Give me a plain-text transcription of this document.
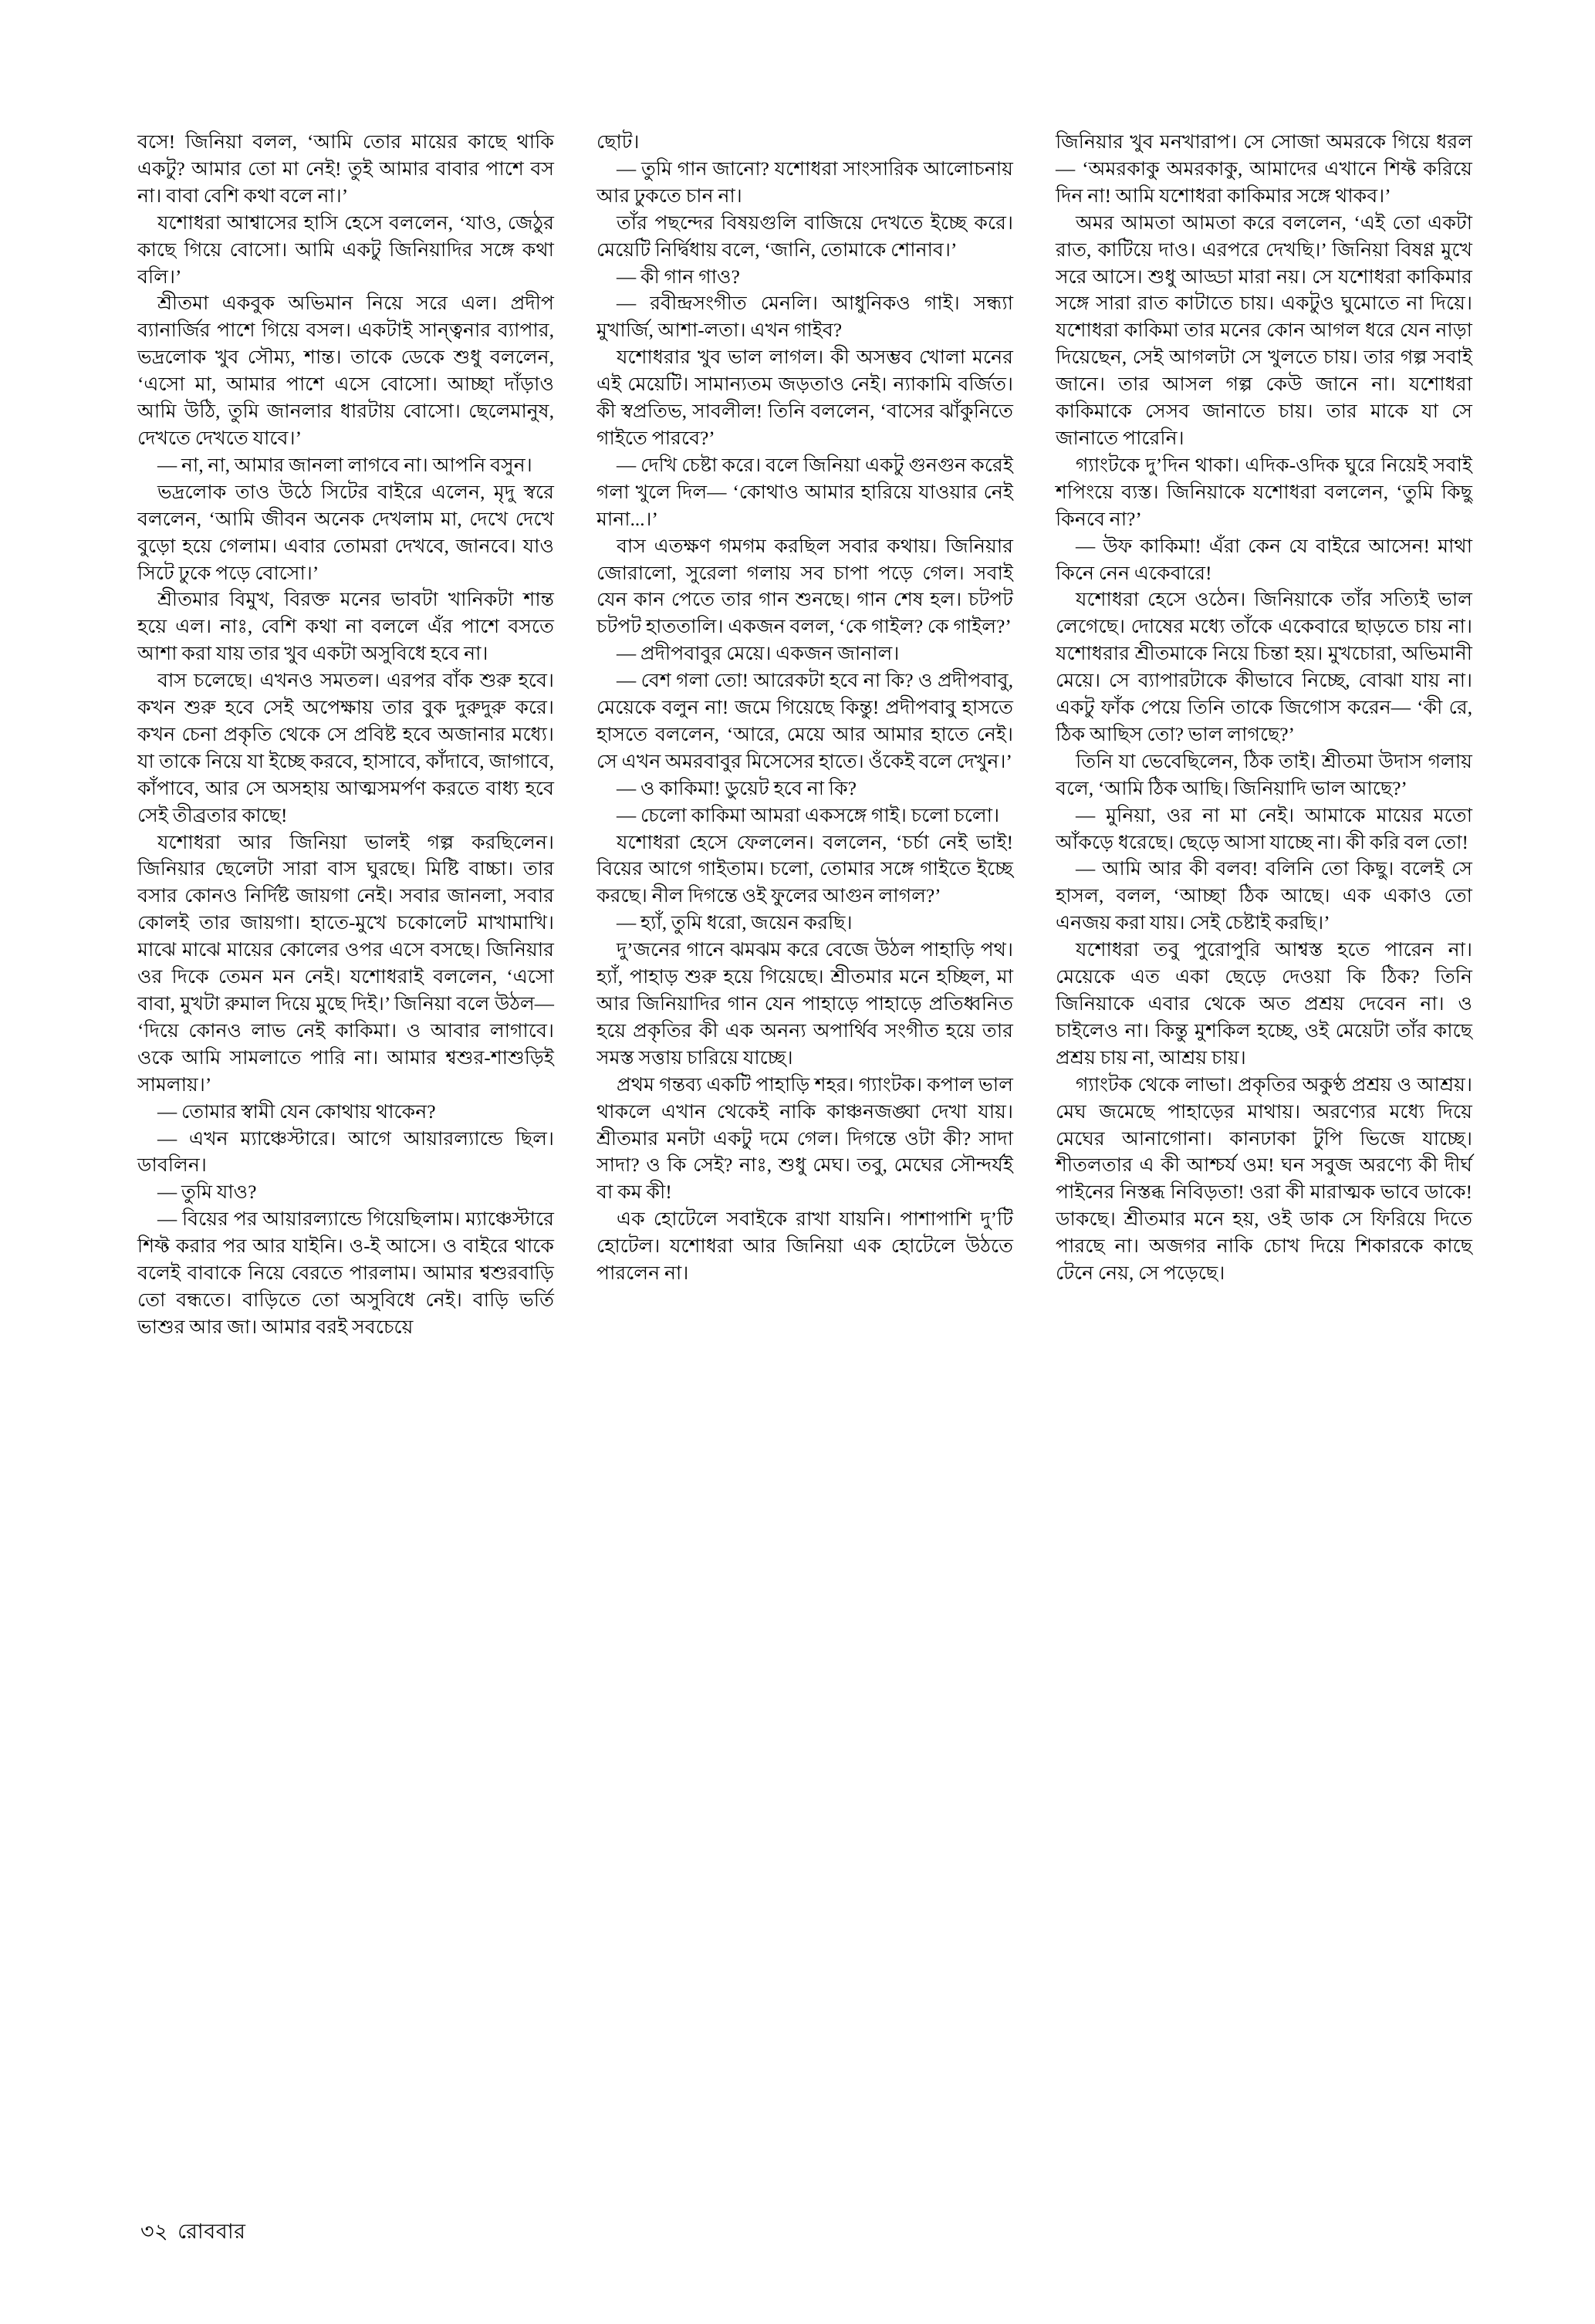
বসে! জিনিয়া বলল, ‘আমি তোর মায়ের কাছে থাকি একটু? আমার তো মা নেই! তুই আমার বাবার পাশে বস না। বাবা বেশি কথা বলে না।’

যশোধরা আশ্বাসের হাসি হেসে বললেন, ‘যাও, জেঠুর কাছে গিয়ে বোসো। আমি একটু জিনিয়াদির সঙ্গে কথা বলি।’

শ্রীতমা একবুক অভিমান নিয়ে সরে এল। প্রদীপ ব্যানার্জির পাশে গিয়ে বসল। একটাই সান্ত্বনার ব্যাপার, ভদ্রলোক খুব সৌম্য, শান্ত। তাকে ডেকে শুধু বললেন, ‘এসো মা, আমার পাশে এসে বোসো। আচ্ছা দাঁড়াও আমি উঠি, তুমি জানলার ধারটায় বোসো। ছেলেমানুষ, দেখতে দেখতে যাবে।’

— না, না, আমার জানলা লাগবে না। আপনি বসুন।

ভদ্রলোক তাও উঠে সিটের বাইরে এলেন, মৃদু স্বরে বললেন, ‘আমি জীবন অনেক দেখলাম মা, দেখে দেখে বুড়ো হয়ে গেলাম। এবার তোমরা দেখবে, জানবে। যাও সিটে ঢুকে পড়ে বোসো।’

শ্রীতমার বিমুখ, বিরক্ত মনের ভাবটা খানিকটা শান্ত হয়ে এল। নাঃ, বেশি কথা না বললে এঁর পাশে বসতে আশা করা যায় তার খুব একটা অসুবিধে হবে না।

বাস চলেছে। এখনও সমতল। এরপর বাঁক শুরু হবে। কখন শুরু হবে সেই অপেক্ষায় তার বুক দুরুদুরু করে। কখন চেনা প্রকৃতি থেকে সে প্রবিষ্ট হবে অজানার মধ্যে। যা তাকে নিয়ে যা ইচ্ছে করবে, হাসাবে, কাঁদাবে, জাগাবে, কাঁপাবে, আর সে অসহায় আত্মসমর্পণ করতে বাধ্য হবে সেই তীব্রতার কাছে!

যশোধরা আর জিনিয়া ভালই গল্প করছিলেন। জিনিয়ার ছেলেটা সারা বাস ঘুরছে। মিষ্টি বাচ্চা। তার বসার কোনও নির্দিষ্ট জায়গা নেই। সবার জানলা, সবার কোলই তার জায়গা। হাতে-মুখে চকোলেট মাখামাখি। মাঝে মাঝে মায়ের কোলের ওপর এসে বসছে। জিনিয়ার ওর দিকে তেমন মন নেই। যশোধরাই বললেন, ‘এসো বাবা, মুখটা রুমাল দিয়ে মুছে দিই।’ জিনিয়া বলে উঠল— ‘দিয়ে কোনও লাভ নেই কাকিমা। ও আবার লাগাবে। ওকে আমি সামলাতে পারি না। আমার শ্বশুর-শাশুড়িই সামলায়।’

— তোমার স্বামী যেন কোথায় থাকেন?

— এখন ম্যাঞ্চেস্টারে। আগে আয়ারল্যান্ডে ছিল। ডাবলিন।

— তুমি যাও?

— বিয়ের পর আয়ারল্যান্ডে গিয়েছিলাম। ম্যাঞ্চেস্টারে শিফ্ট করার পর আর যাইনি। ও-ই আসে। ও বাইরে থাকে বলেই বাবাকে নিয়ে বেরতে পারলাম। আমার শ্বশুরবাড়ি তো বন্ধতে। বাড়িতে তো অসুবিধে নেই। বাড়ি ভর্তি ভাশুর আর জা। আমার বরই সবচেয়ে

ছোট।

— তুমি গান জানো? যশোধরা সাংসারিক আলোচনায় আর ঢুকতে চান না।

তাঁর পছন্দের বিষয়গুলি বাজিয়ে দেখতে ইচ্ছে করে। মেয়েটি নির্দ্বিধায় বলে, ‘জানি, তোমাকে শোনাব।’

— কী গান গাও?

— রবীন্দ্রসংগীত মেনলি। আধুনিকও গাই। সন্ধ্যা মুখার্জি, আশা-লতা। এখন গাইব?

যশোধরার খুব ভাল লাগল। কী অসম্ভব খোলা মনের এই মেয়েটি। সামান্যতম জড়তাও নেই। ন্যাকামি বর্জিত। কী স্বপ্রতিভ, সাবলীল! তিনি বললেন, ‘বাসের ঝাঁকুনিতে গাইতে পারবে?’

— দেখি চেষ্টা করে। বলে জিনিয়া একটু গুনগুন করেই গলা খুলে দিল— ‘কোথাও আমার হারিয়ে যাওয়ার নেই মানা...।’

বাস এতক্ষণ গমগম করছিল সবার কথায়। জিনিয়ার জোরালো, সুরেলা গলায় সব চাপা পড়ে গেল। সবাই যেন কান পেতে তার গান শুনছে। গান শেষ হল। চটপট চটপট হাততালি। একজন বলল, ‘কে গাইল? কে গাইল?’

— প্রদীপবাবুর মেয়ে। একজন জানাল।

— বেশ গলা তো! আরেকটা হবে না কি? ও প্রদীপবাবু, মেয়েকে বলুন না! জমে গিয়েছে কিন্তু! প্রদীপবাবু হাসতে হাসতে বললেন, ‘আরে, মেয়ে আর আমার হাতে নেই। সে এখন অমরবাবুর মিসেসের হাতে। ওঁকেই বলে দেখুন।’

— ও কাকিমা! ডুয়েট হবে না কি?

— চেলো কাকিমা আমরা একসঙ্গে গাই। চলো চলো।

যশোধরা হেসে ফেললেন। বললেন, ‘চর্চা নেই ভাই! বিয়ের আগে গাইতাম। চলো, তোমার সঙ্গে গাইতে ইচ্ছে করছে। নীল দিগন্তে ওই ফুলের আগুন লাগল?’

— হ্যাঁ, তুমি ধরো, জয়েন করছি।

দু’জনের গানে ঝমঝম করে বেজে উঠল পাহাড়ি পথ। হ্যাঁ, পাহাড় শুরু হয়ে গিয়েছে। শ্রীতমার মনে হচ্ছিল, মা আর জিনিয়াদির গান যেন পাহাড়ে পাহাড়ে প্রতিধ্বনিত হয়ে প্রকৃতির কী এক অনন্য অপার্থিব সংগীত হয়ে তার সমস্ত সত্তায় চারিয়ে যাচ্ছে।

প্রথম গন্তব্য একটি পাহাড়ি শহর। গ্যাংটক। কপাল ভাল থাকলে এখান থেকেই নাকি কাঞ্চনজঙ্ঘা দেখা যায়। শ্রীতমার মনটা একটু দমে গেল। দিগন্তে ওটা কী? সাদা সাদা? ও কি সেই? নাঃ, শুধু মেঘ। তবু, মেঘের সৌন্দর্যই বা কম কী!

এক হোটেলে সবাইকে রাখা যায়নি। পাশাপাশি দু’টি হোটেল। যশোধরা আর জিনিয়া এক হোটেলে উঠতে পারলেন না।

জিনিয়ার খুব মনখারাপ। সে সোজা অমরকে গিয়ে ধরল— ‘অমরকাকু অমরকাকু, আমাদের এখানে শিফ্ট করিয়ে দিন না! আমি যশোধরা কাকিমার সঙ্গে থাকব।’

অমর আমতা আমতা করে বললেন, ‘এই তো একটা রাত, কাটিয়ে দাও। এরপরে দেখছি।’ জিনিয়া বিষণ্ণ মুখে সরে আসে। শুধু আড্ডা মারা নয়। সে যশোধরা কাকিমার সঙ্গে সারা রাত কাটাতে চায়। একটুও ঘুমোতে না দিয়ে। যশোধরা কাকিমা তার মনের কোন আগল ধরে যেন নাড়া দিয়েছেন, সেই আগলটা সে খুলতে চায়। তার গল্প সবাই জানে। তার আসল গল্প কেউ জানে না। যশোধরা কাকিমাকে সেসব জানাতে চায়। তার মাকে যা সে জানাতে পারেনি।

গ্যাংটকে দু’দিন থাকা। এদিক-ওদিক ঘুরে নিয়েই সবাই শপিংয়ে ব্যস্ত। জিনিয়াকে যশোধরা বললেন, ‘তুমি কিছু কিনবে না?’

— উফ কাকিমা! এঁরা কেন যে বাইরে আসেন! মাথা কিনে নেন একেবারে!

যশোধরা হেসে ওঠেন। জিনিয়াকে তাঁর সত্যিই ভাল লেগেছে। দোষের মধ্যে তাঁকে একেবারে ছাড়তে চায় না। যশোধরার শ্রীতমাকে নিয়ে চিন্তা হয়। মুখচোরা, অভিমানী মেয়ে। সে ব্যাপারটাকে কীভাবে নিচ্ছে, বোঝা যায় না। একটু ফাঁক পেয়ে তিনি তাকে জিগোস করেন— ‘কী রে, ঠিক আছিস তো? ভাল লাগছে?’

তিনি যা ভেবেছিলেন, ঠিক তাই। শ্রীতমা উদাস গলায় বলে, ‘আমি ঠিক আছি। জিনিয়াদি ভাল আছে?’

— মুনিয়া, ওর না মা নেই। আমাকে মায়ের মতো আঁকড়ে ধরেছে। ছেড়ে আসা যাচ্ছে না। কী করি বল তো!

— আমি আর কী বলব! বলিনি তো কিছু। বলেই সে হাসল, বলল, ‘আচ্ছা ঠিক আছে। এক একাও তো এনজয় করা যায়। সেই চেষ্টাই করছি।’

যশোধরা তবু পুরোপুরি আশ্বস্ত হতে পারেন না। মেয়েকে এত একা ছেড়ে দেওয়া কি ঠিক? তিনি জিনিয়াকে এবার থেকে অত প্রশ্রয় দেবেন না। ও চাইলেও না। কিন্তু মুশকিল হচ্ছে, ওই মেয়েটা তাঁর কাছে প্রশ্রয় চায় না, আশ্রয় চায়।

গ্যাংটক থেকে লাভা। প্রকৃতির অকুণ্ঠ প্রশ্রয় ও আশ্রয়। মেঘ জমেছে পাহাড়ের মাথায়। অরণ্যের মধ্যে দিয়ে মেঘের আনাগোনা। কানঢাকা টুপি ভিজে যাচ্ছে। শীতলতার এ কী আশ্চর্য ওম! ঘন সবুজ অরণ্যে কী দীর্ঘ পাইনের নিস্তব্ধ নিবিড়তা! ওরা কী মারাত্মক ভাবে ডাকে! ডাকছে। শ্রীতমার মনে হয়, ওই ডাক সে ফিরিয়ে দিতে পারছে না। অজগর নাকি চোখ দিয়ে শিকারকে কাছে টেনে নেয়, সে পড়েছে।

৩২ রোববার
